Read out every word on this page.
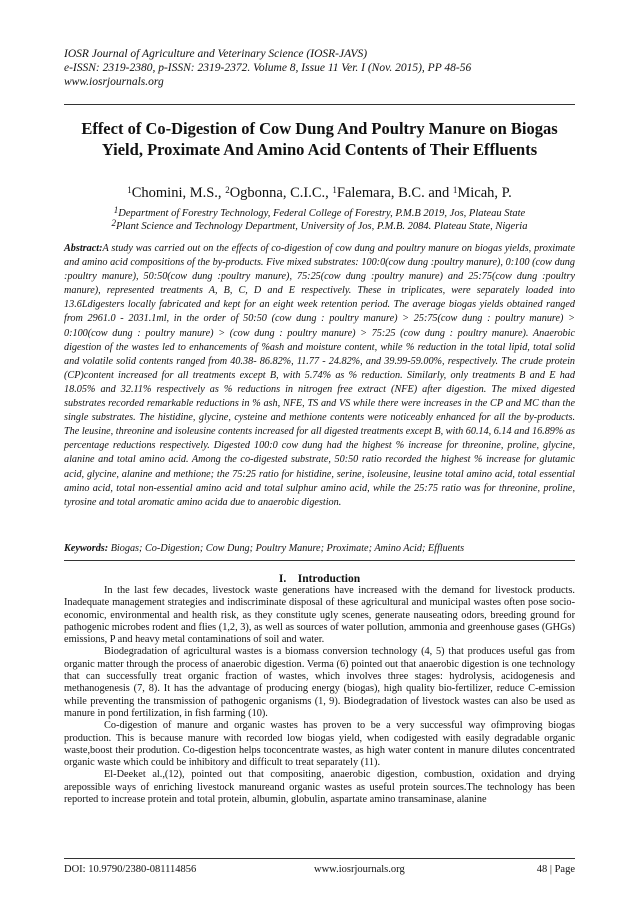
IOSR Journal of Agriculture and Veterinary Science (IOSR-JAVS)
e-ISSN: 2319-2380, p-ISSN: 2319-2372. Volume 8, Issue 11 Ver. I (Nov. 2015), PP 48-56
www.iosrjournals.org
Effect of Co-Digestion of Cow Dung And Poultry Manure on Biogas Yield, Proximate And Amino Acid Contents of Their Effluents
$^1$Chomini, M.S., $^2$Ogbonna, C.I.C., $^1$Falemara, B.C. and $^1$Micah, P.
$^1$Department of Forestry Technology, Federal College of Forestry, P.M.B 2019, Jos, Plateau State
$^2$Plant Science and Technology Department, University of Jos, P.M.B. 2084. Plateau State, Nigeria
Abstract:A study was carried out on the effects of co-digestion of cow dung and poultry manure on biogas yields, proximate and amino acid compositions of the by-products. Five mixed substrates: 100:0(cow dung :poultry manure), 0:100 (cow dung :poultry manure), 50:50(cow dung :poultry manure), 75:25(cow dung :poultry manure) and 25:75(cow dung :poultry manure), represented treatments A, B, C, D and E respectively. These in triplicates, were separately loaded into 13.6Ldigesters locally fabricated and kept for an eight week retention period. The average biogas yields obtained ranged from 2961.0 - 2031.1ml, in the order of 50:50 (cow dung : poultry manure) > 25:75(cow dung : poultry manure) > 0:100(cow dung : poultry manure) > (cow dung : poultry manure) > 75:25 (cow dung : poultry manure). Anaerobic digestion of the wastes led to enhancements of %ash and moisture content, while % reduction in the total lipid, total solid and volatile solid contents ranged from 40.38- 86.82%, 11.77 - 24.82%, and 39.99-59.00%, respectively. The crude protein (CP)content increased for all treatments except B, with 5.74% as % reduction. Similarly, only treatments B and E had 18.05% and 32.11% respectively as % reductions in nitrogen free extract (NFE) after digestion. The mixed digested substrates recorded remarkable reductions in % ash, NFE, TS and VS while there were increases in the CP and MC than the single substrates. The histidine, glycine, cysteine and methione contents were noticeably enhanced for all the by-products. The leusine, threonine and isoleusine contents increased for all digested treatments except B, with 60.14, 6.14 and 16.89% as percentage reductions respectively. Digested 100:0 cow dung had the highest % increase for threonine, proline, glycine, alanine and total amino acid. Among the co-digested substrate, 50:50 ratio recorded the highest % increase for glutamic acid, glycine, alanine and methione; the 75:25 ratio for histidine, serine, isoleusine, leusine total amino acid, total essential amino acid, total non-essential amino acid and total sulphur amino acid, while the 25:75 ratio was for threonine, proline, tyrosine and total aromatic amino acida due to anaerobic digestion.
Keywords: Biogas; Co-Digestion; Cow Dung; Poultry Manure; Proximate; Amino Acid; Effluents
I. Introduction

In the last few decades, livestock waste generations have increased with the demand for livestock products. Inadequate management strategies and indiscriminate disposal of these agricultural and municipal wastes often pose socio-economic, environmental and health risk, as they constitute ugly scenes, generate nauseating odors, breeding ground for pathogenic microbes rodent and flies (1,2, 3), as well as sources of water pollution, ammonia and greenhouse gases (GHGs) emissions, P and heavy metal contaminations of soil and water.

Biodegradation of agricultural wastes is a biomass conversion technology (4, 5) that produces useful gas from organic matter through the process of anaerobic digestion. Verma (6) pointed out that anaerobic digestion is one technology that can successfully treat organic fraction of wastes, which involves three stages: hydrolysis, acidogenesis and methanogenesis (7, 8). It has the advantage of producing energy (biogas), high quality bio-fertilizer, reduce C-emission while preventing the transmission of pathogenic organisms (1, 9). Biodegradation of livestock wastes can also be used as manure in pond fertilization, in fish farming (10).

Co-digestion of manure and organic wastes has proven to be a very successful way ofimproving biogas production. This is because manure with recorded low biogas yield, when codigested with easily degradable organic waste,boost their prodution. Co-digestion helps toconcentrate wastes, as high water content in manure dilutes concentrated organic waste which could be inhibitory and difficult to treat separately (11).

El-Deeket al.,(12), pointed out that compositing, anaerobic digestion, combustion, oxidation and drying arepossible ways of enriching livestock manureand organic wastes as useful protein sources.The technology has been reported to increase protein and total protein, albumin, globulin, aspartate amino transaminase, alanine

DOI: 10.9790/2380-081114856	www.iosrjournals.org	48 | Page
